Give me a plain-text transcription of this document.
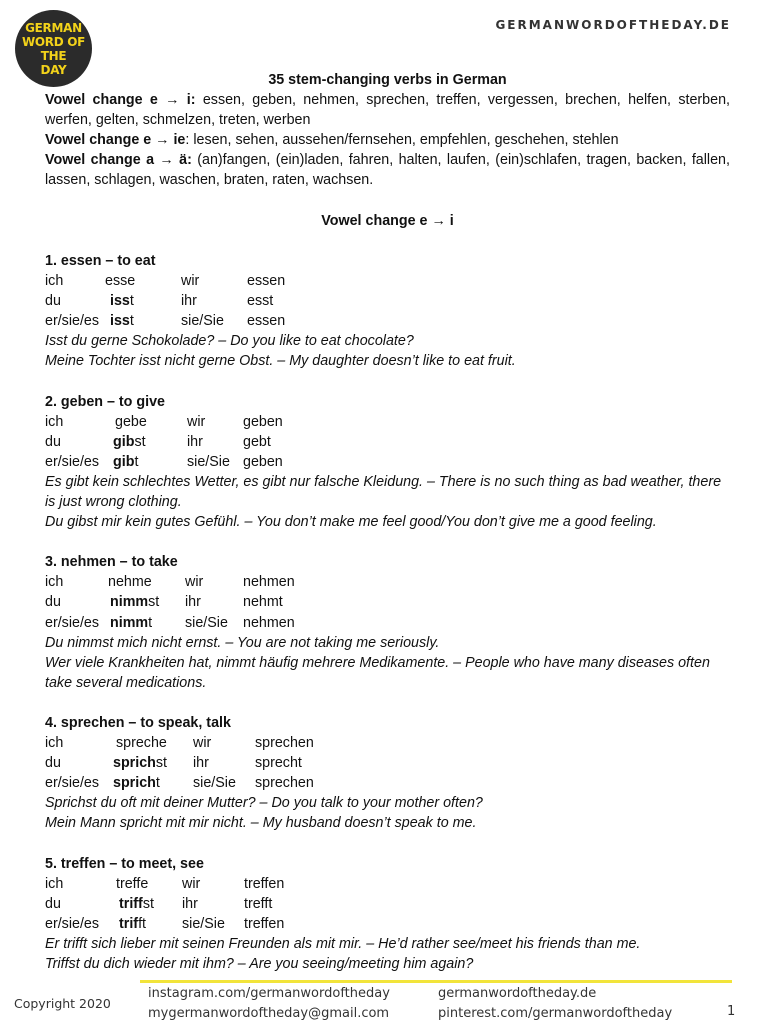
GERMAN
WORD OF THE
DAY
GERMANWORDOFTHEDAY.DE
35 stem-changing verbs in German
Vowel change e → i: essen, geben, nehmen, sprechen, treffen, vergessen, brechen, helfen, sterben, werfen, gelten, schmelzen, treten, werben
Vowel change e → ie: lesen, sehen, aussehen/fernsehen, empfehlen, geschehen, stehlen
Vowel change a → ä: (an)fangen, (ein)laden, fahren, halten, laufen, (ein)schlafen, tragen, backen, fallen, lassen, schlagen, waschen, braten, raten, wachsen.
Vowel change e → i
1. essen – to eat
ich	esse	wir	essen
du	isst	ihr	esst
er/sie/es isst	sie/Sie essen
Isst du gerne Schokolade? – Do you like to eat chocolate?
Meine Tochter isst nicht gerne Obst. – My daughter doesn’t like to eat fruit.
2. geben – to give
ich	gebe	wir	geben
du	gibst	ihr	gebt
er/sie/es gibt	sie/Sie geben
Es gibt kein schlechtes Wetter, es gibt nur falsche Kleidung. – There is no such thing as bad weather, there is just wrong clothing.
Du gibst mir kein gutes Gefühl. – You don’t make me feel good/You don’t give me a good feeling.
3. nehmen – to take
ich	nehme wir	nehmen
du	nimmst ihr	nehmt
er/sie/es nimmt sie/Sie nehmen
Du nimmst mich nicht ernst. – You are not taking me seriously.
Wer viele Krankheiten hat, nimmt häufig mehrere Medikamente. – People who have many diseases often take several medications.
4. sprechen – to speak, talk
ich	spreche wir	sprechen
du	sprichst ihr	sprecht
er/sie/es spricht sie/Sie sprechen
Sprichst du oft mit deiner Mutter? – Do you talk to your mother often?
Mein Mann spricht mit mir nicht. – My husband doesn’t speak to me.
5. treffen – to meet, see
ich	treffe wir	treffen
du	triffst ihr	trefft
er/sie/es trifft	sie/Sie treffen
Er trifft sich lieber mit seinen Freunden als mit mir. – He’d rather see/meet his friends than me.
Triffst du dich wieder mit ihm? – Are you seeing/meeting him again?
Copyright 2020
instagram.com/germanwordoftheday
mygermanwordoftheday@gmail.com
germanwordoftheday.de
pinterest.com/germanwordoftheday	1
